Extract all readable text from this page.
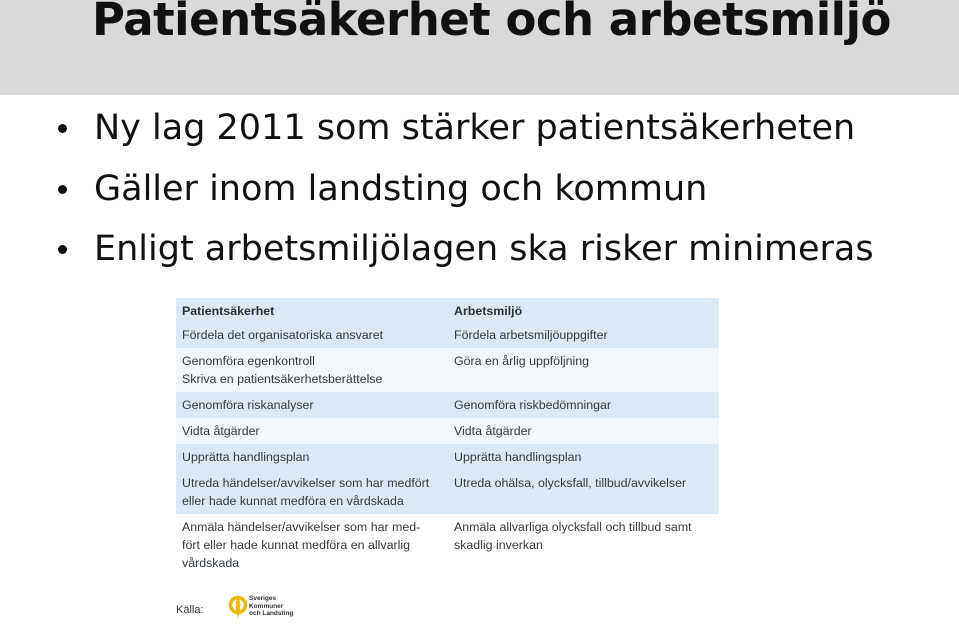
Patientsäkerhet och arbetsmiljö
Ny lag 2011 som stärker patientsäkerheten
Gäller inom landsting och kommun
Enligt arbetsmiljölagen ska risker minimeras
Patientsäkerhet	Arbetsmiljö

Fördela det organisatoriska ansvaret	Fördela arbetsmiljöuppgifter

Genomföra egenkontroll
Skriva en patientsäkerhetsberättelse	Göra en årlig uppföljning

Genomföra riskanalyser	Genomföra riskbedömningar

Vidta åtgärder	Vidta åtgärder

Upprätta handlingsplan	Upprätta handlingsplan

Utreda händelser/avvikelser som har medfört
eller hade kunnat medföra en vårdskada	Utreda ohälsa, olycksfall, tillbud/avvikelser

Anmäla händelser/avvikelser som har med-
fört eller hade kunnat medföra en allvarlig
vårdskada	Anmäla allvarliga olycksfall och tillbud samt
skadlig inverkan
Källa:
Sveriges
Kommuner
och Landsting
